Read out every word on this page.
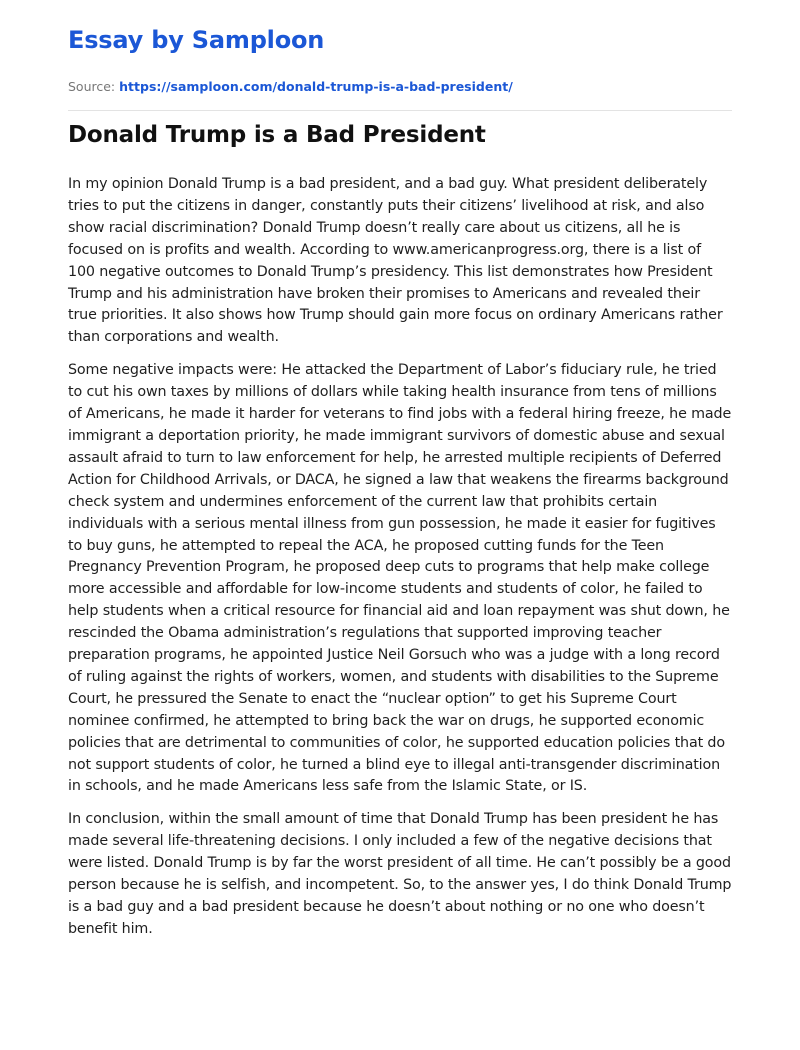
Essay by Samploon
Source: https://samploon.com/donald-trump-is-a-bad-president/
Donald Trump is a Bad President

In my opinion Donald Trump is a bad president, and a bad guy. What president deliberately tries to put the citizens in danger, constantly puts their citizens’ livelihood at risk, and also show racial discrimination? Donald Trump doesn’t really care about us citizens, all he is focused on is profits and wealth. According to www.americanprogress.org, there is a list of 100 negative outcomes to Donald Trump’s presidency. This list demonstrates how President Trump and his administration have broken their promises to Americans and revealed their true priorities. It also shows how Trump should gain more focus on ordinary Americans rather than corporations and wealth.

Some negative impacts were: He attacked the Department of Labor’s fiduciary rule, he tried to cut his own taxes by millions of dollars while taking health insurance from tens of millions of Americans, he made it harder for veterans to find jobs with a federal hiring freeze, he made immigrant a deportation priority, he made immigrant survivors of domestic abuse and sexual assault afraid to turn to law enforcement for help, he arrested multiple recipients of Deferred Action for Childhood Arrivals, or DACA, he signed a law that weakens the firearms background check system and undermines enforcement of the current law that prohibits certain individuals with a serious mental illness from gun possession, he made it easier for fugitives to buy guns, he attempted to repeal the ACA, he proposed cutting funds for the Teen Pregnancy Prevention Program, he proposed deep cuts to programs that help make college more accessible and affordable for low-income students and students of color, he failed to help students when a critical resource for financial aid and loan repayment was shut down, he rescinded the Obama administration’s regulations that supported improving teacher preparation programs, he appointed Justice Neil Gorsuch who was a judge with a long record of ruling against the rights of workers, women, and students with disabilities to the Supreme Court, he pressured the Senate to enact the “nuclear option” to get his Supreme Court nominee confirmed, he attempted to bring back the war on drugs, he supported economic policies that are detrimental to communities of color, he supported education policies that do not support students of color, he turned a blind eye to illegal anti-transgender discrimination in schools, and he made Americans less safe from the Islamic State, or IS.

In conclusion, within the small amount of time that Donald Trump has been president he has made several life-threatening decisions. I only included a few of the negative decisions that were listed. Donald Trump is by far the worst president of all time. He can’t possibly be a good person because he is selfish, and incompetent. So, to the answer yes, I do think Donald Trump is a bad guy and a bad president because he doesn’t about nothing or no one who doesn’t benefit him.
